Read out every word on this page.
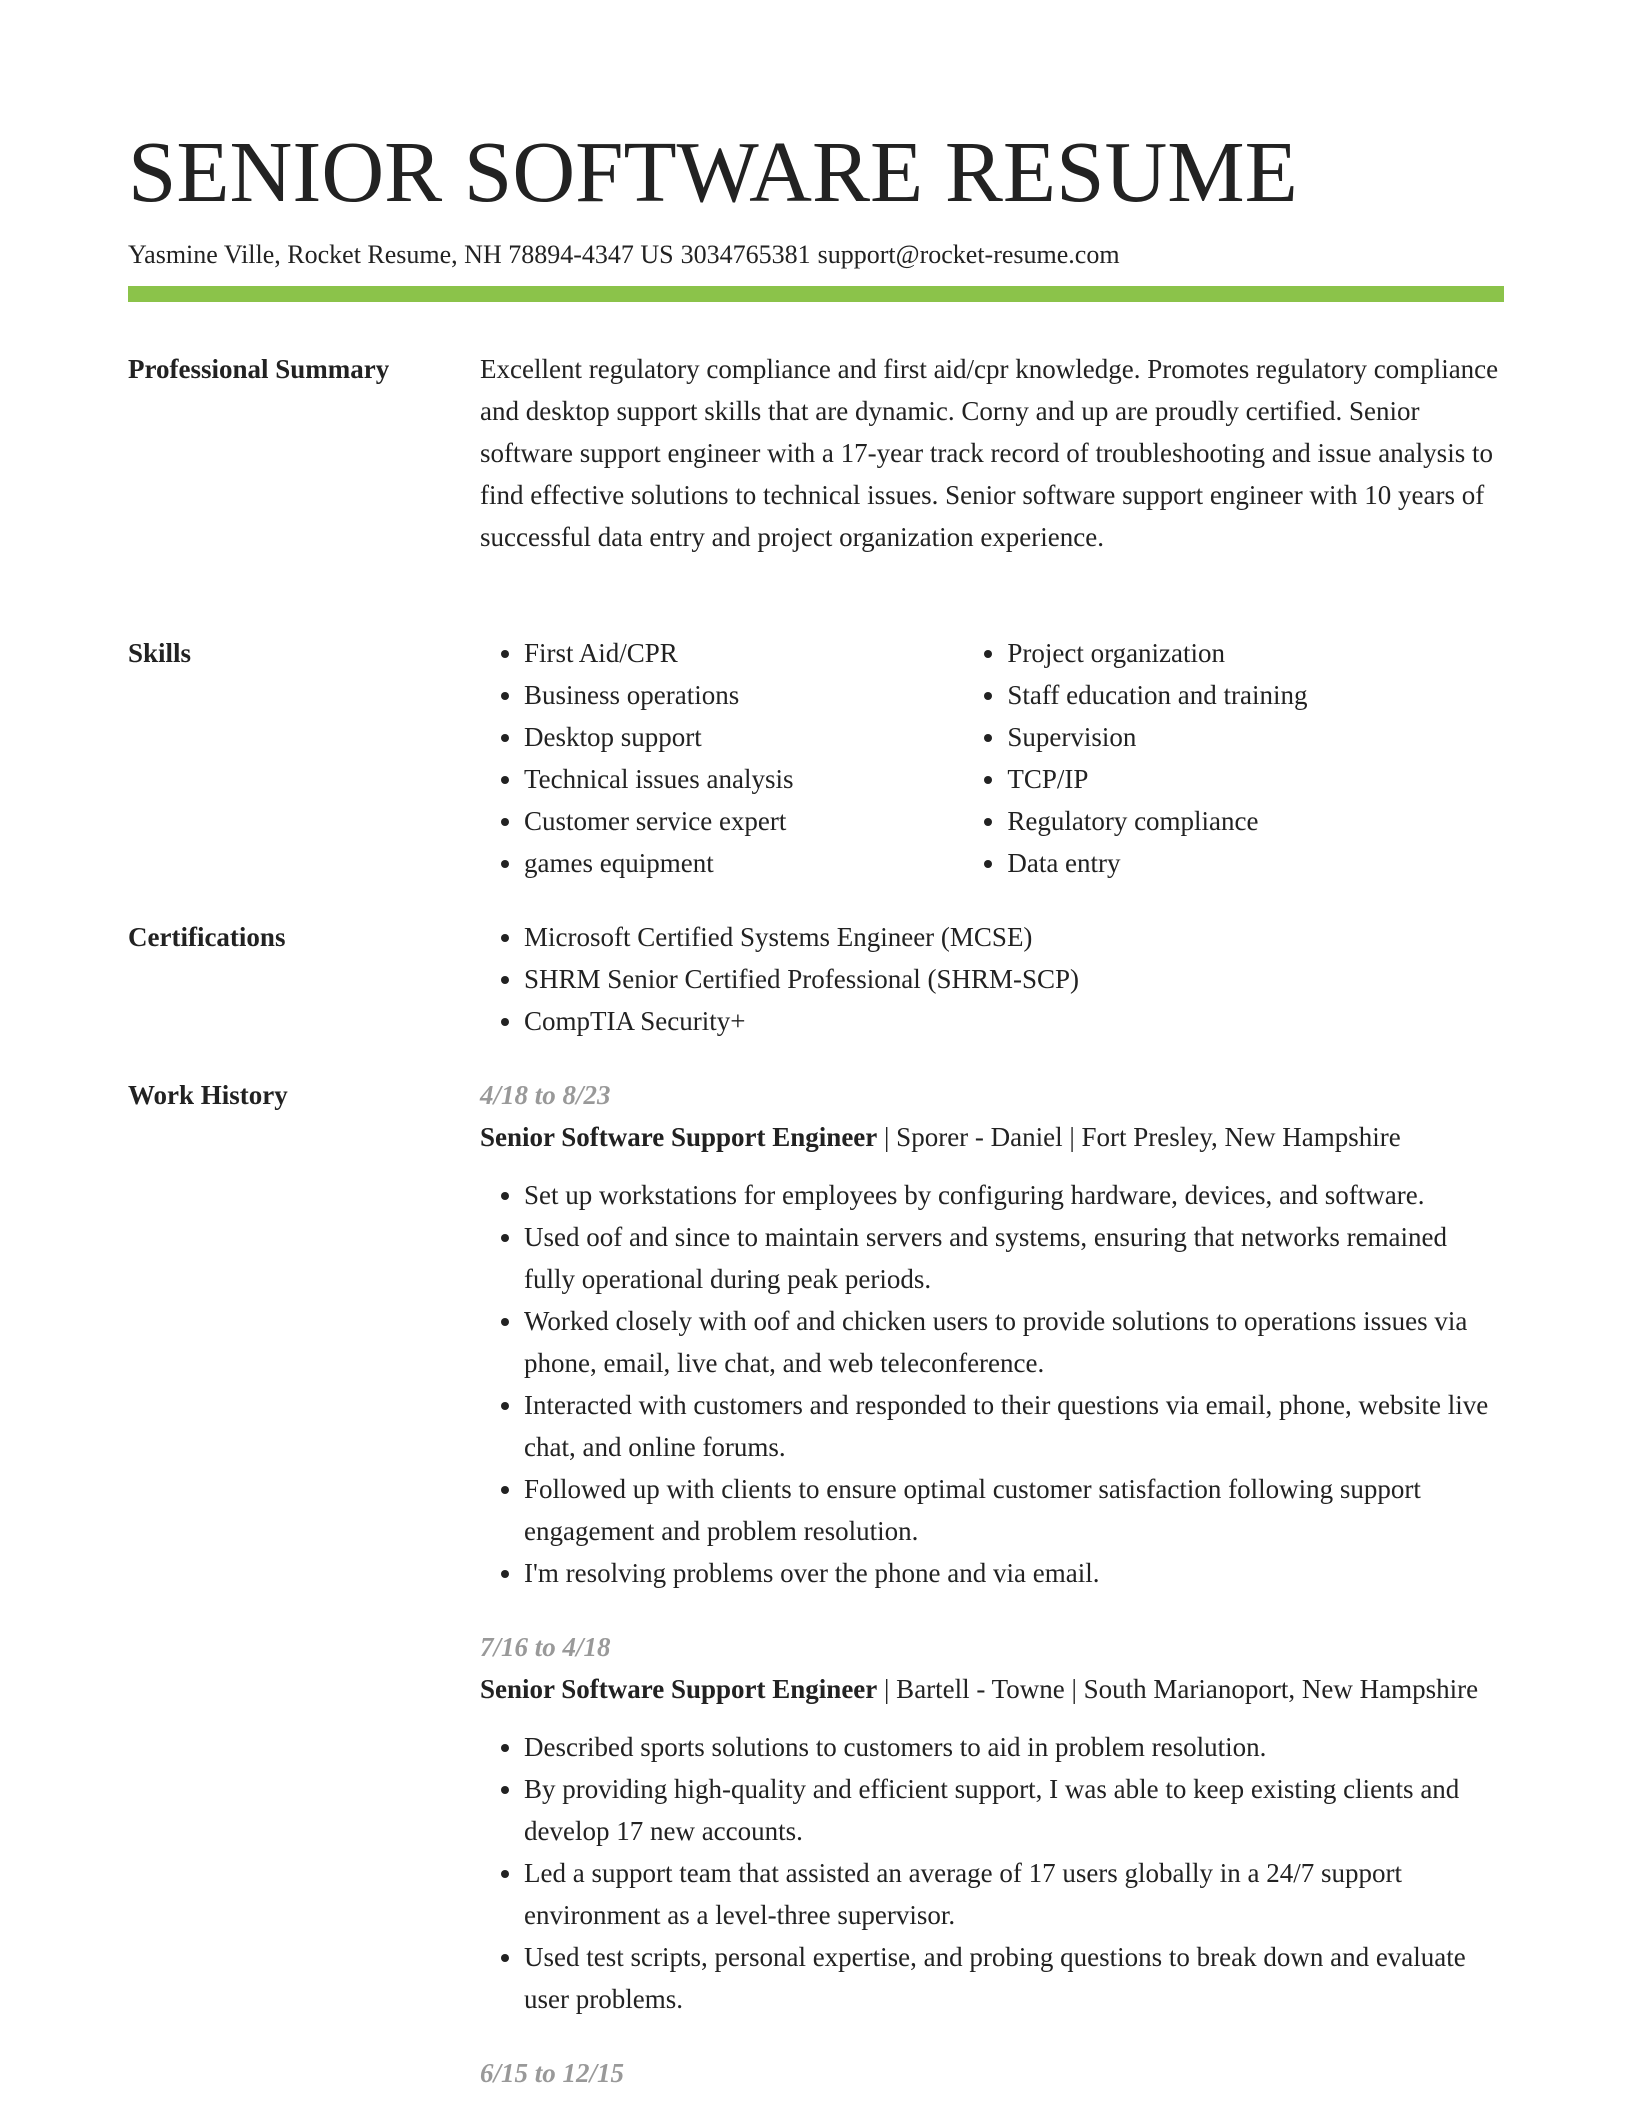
SENIOR SOFTWARE RESUME
Yasmine Ville, Rocket Resume, NH 78894-4347 US 3034765381 support@rocket-resume.com
Professional Summary	Excellent regulatory compliance and first aid/cpr knowledge. Promotes regulatory compliance and desktop support skills that are dynamic. Corny and up are proudly certified. Senior software support engineer with a 17-year track record of troubleshooting and issue analysis to find effective solutions to technical issues. Senior software support engineer with 10 years of successful data entry and project organization experience.

Skills	• First Aid/CPR
• Business operations
• Desktop support
• Technical issues analysis
• Customer service expert
• games equipment
• Project organization
• Staff education and training
• Supervision
• TCP/IP
• Regulatory compliance
• Data entry
Certifications	• Microsoft Certified Systems Engineer (MCSE)
• SHRM Senior Certified Professional (SHRM-SCP)
• CompTIA Security+
Work History	4/18 to 8/23
Senior Software Support Engineer | Sporer - Daniel | Fort Presley, New Hampshire
• Set up workstations for employees by configuring hardware, devices, and software.
• Used oof and since to maintain servers and systems, ensuring that networks remained fully operational during peak periods.
• Worked closely with oof and chicken users to provide solutions to operations issues via phone, email, live chat, and web teleconference.
• Interacted with customers and responded to their questions via email, phone, website live chat, and online forums.
• Followed up with clients to ensure optimal customer satisfaction following support engagement and problem resolution.
• I'm resolving problems over the phone and via email.
7/16 to 4/18
Senior Software Support Engineer | Bartell - Towne | South Marianoport, New Hampshire
• Described sports solutions to customers to aid in problem resolution.
• By providing high-quality and efficient support, I was able to keep existing clients and develop 17 new accounts.
• Led a support team that assisted an average of 17 users globally in a 24/7 support environment as a level-three supervisor.
• Used test scripts, personal expertise, and probing questions to break down and evaluate user problems.
6/15 to 12/15
